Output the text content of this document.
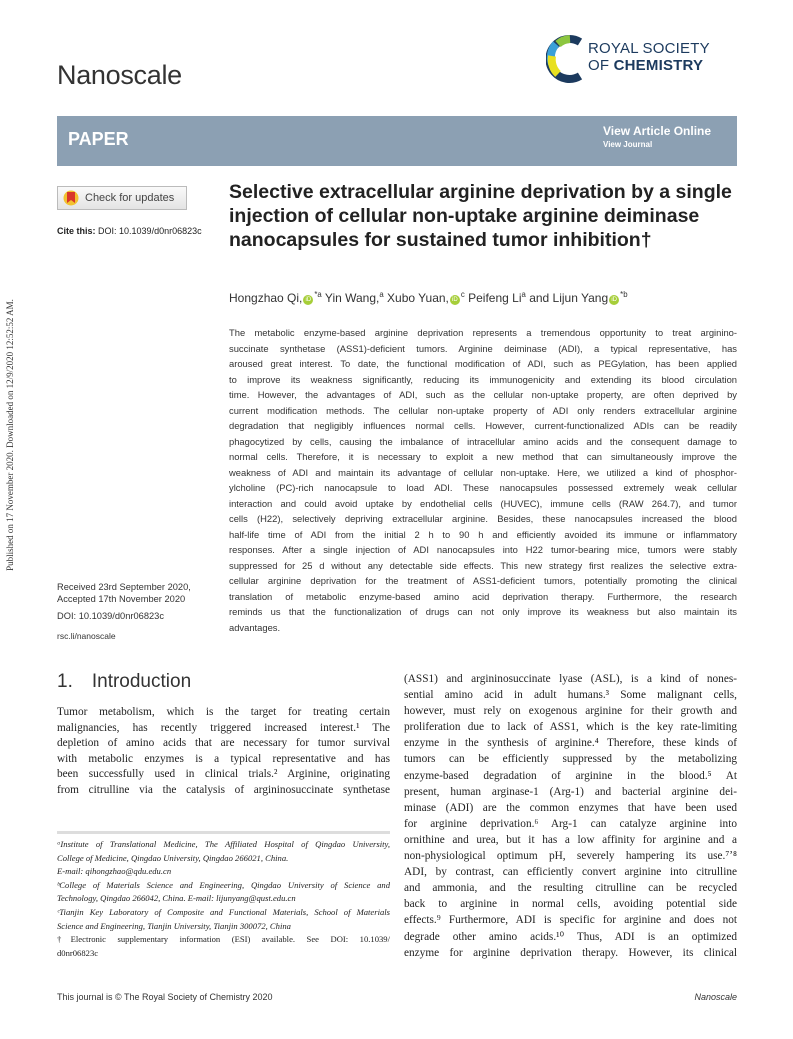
Published on 17 November 2020. Downloaded on 12/9/2020 12:52:52 AM.
Nanoscale
ROYAL SOCIETY
OF CHEMISTRY
PAPER	View Article Online
View Journal
Check for updates
Cite this: DOI: 10.1039/d0nr06823c
Selective extracellular arginine deprivation by a single injection of cellular non-uptake arginine deiminase nanocapsules for sustained tumor inhibition†
Hongzhao Qi, $iD^{*a}$ Yin Wang,$^a$ Xubo Yuan, $iD^c$ Peifeng Li$^a$ and Lijun Yang $iD^{*b}$
The metabolic enzyme-based arginine deprivation represents a tremendous opportunity to treat arginino-
succinate synthetase (ASS1)-deficient tumors. Arginine deiminase (ADI), a typical representative, has
aroused great interest. To date, the functional modification of ADI, such as PEGylation, has been applied
to improve its weakness significantly, reducing its immunogenicity and extending its blood circulation
time. However, the advantages of ADI, such as the cellular non-uptake property, are often deprived by
current modification methods. The cellular non-uptake property of ADI only renders extracellular arginine
degradation that negligibly influences normal cells. However, current-functionalized ADIs can be readily
phagocytized by cells, causing the imbalance of intracellular amino acids and the consequent damage to
normal cells. Therefore, it is necessary to exploit a new method that can simultaneously improve the
weakness of ADI and maintain its advantage of cellular non-uptake. Here, we utilized a kind of phosphor-
ylcholine (PC)-rich nanocapsule to load ADI. These nanocapsules possessed extremely weak cellular
interaction and could avoid uptake by endothelial cells (HUVEC), immune cells (RAW 264.7), and tumor
cells (H22), selectively depriving extracellular arginine. Besides, these nanocapsules increased the blood
half-life time of ADI from the initial 2 h to 90 h and efficiently avoided its immune or inflammatory
responses. After a single injection of ADI nanocapsules into H22 tumor-bearing mice, tumors were stably
suppressed for 25 d without any detectable side effects. This new strategy first realizes the selective extra-
cellular arginine deprivation for the treatment of ASS1-deficient tumors, potentially promoting the clinical
translation of metabolic enzyme-based amino acid deprivation therapy. Furthermore, the research
reminds us that the functionalization of drugs can not only improve its weakness but also maintain its
advantages.
Received 23rd September 2020,
Accepted 17th November 2020
DOI: 10.1039/d0nr06823c
rsc.li/nanoscale
1. Introduction
Tumor metabolism, which is the target for treating certain
malignancies, has recently triggered increased interest.¹ The
depletion of amino acids that are necessary for tumor survival
with metabolic enzymes is a typical representative and has
been successfully used in clinical trials.² Arginine, originating
from citrulline via the catalysis of argininosuccinate synthetase
(ASS1) and argininosuccinate lyase (ASL), is a kind of nones-
sential amino acid in adult humans.³ Some malignant cells,
however, must rely on exogenous arginine for their growth and
proliferation due to lack of ASS1, which is the key rate-limiting
enzyme in the synthesis of arginine.⁴ Therefore, these kinds of
tumors can be efficiently suppressed by the metabolizing
enzyme-based degradation of arginine in the blood.⁵ At
present, human arginase-1 (Arg-1) and bacterial arginine dei-
minase (ADI) are the common enzymes that have been used
for arginine deprivation.⁶ Arg-1 can catalyze arginine into
ornithine and urea, but it has a low affinity for arginine and a
non-physiological optimum pH, severely hampering its use.⁷ʼ⁸
ADI, by contrast, can efficiently convert arginine into citrulline
and ammonia, and the resulting citrulline can be recycled
back to arginine in normal cells, avoiding potential side
effects.⁹ Furthermore, ADI is specific for arginine and does not
degrade other amino acids.¹⁰ Thus, ADI is an optimized
enzyme for arginine deprivation therapy. However, its clinical
ᵃInstitute of Translational Medicine, The Affiliated Hospital of Qingdao University,
College of Medicine, Qingdao University, Qingdao 266021, China.
E-mail: qihongzhao@qdu.edu.cn
ᵇCollege of Materials Science and Engineering, Qingdao University of Science and
Technology, Qingdao 266042, China. E-mail: lijunyang@qust.edu.cn
ᶜTianjin Key Laboratory of Composite and Functional Materials, School of Materials
Science and Engineering, Tianjin University, Tianjin 300072, China
†Electronic supplementary information (ESI) available. See DOI: 10.1039/
d0nr06823c
This journal is © The Royal Society of Chemistry 2020	Nanoscale
